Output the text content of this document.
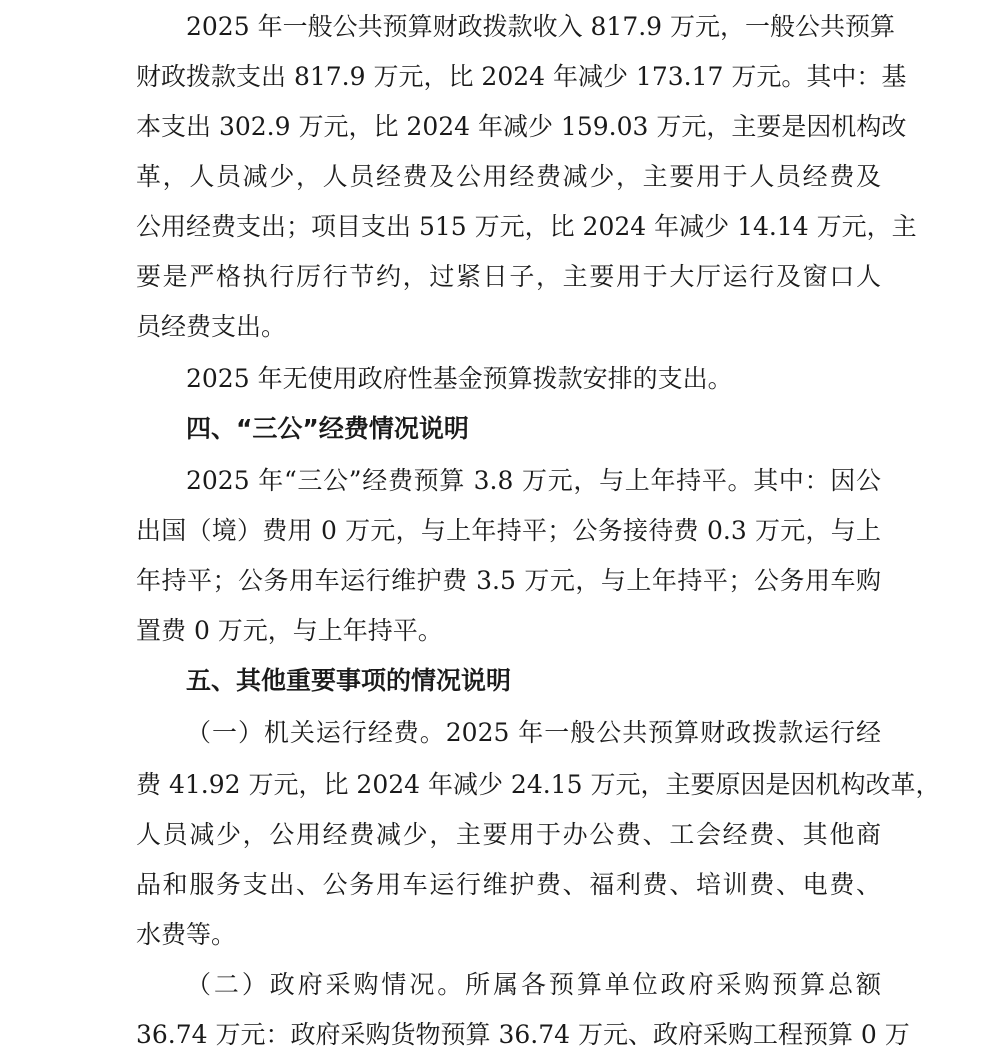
2025 年一般公共预算财政拨款收入 817.9 万元，一般公共预算
财政拨款支出 817.9 万元，比 2024 年减少 173.17 万元。其中：基
本支出 302.9 万元，比 2024 年减少 159.03 万元，主要是因机构改
革，人员减少，人员经费及公用经费减少，主要用于人员经费及
公用经费支出；项目支出 515 万元，比 2024 年减少 14.14 万元，主
要是严格执行厉行节约，过紧日子，主要用于大厅运行及窗口人
员经费支出。
2025 年无使用政府性基金预算拨款安排的支出。
四、“三公”经费情况说明
2025 年“三公”经费预算 3.8 万元，与上年持平。其中：因公
出国（境）费用 0 万元，与上年持平；公务接待费 0.3 万元，与上
年持平；公务用车运行维护费 3.5 万元，与上年持平；公务用车购
置费 0 万元，与上年持平。
五、其他重要事项的情况说明
（一）机关运行经费。2025 年一般公共预算财政拨款运行经
费 41.92 万元，比 2024 年减少 24.15 万元，主要原因是因机构改革，
人员减少，公用经费减少，主要用于办公费、工会经费、其他商
品和服务支出、公务用车运行维护费、福利费、培训费、电费、
水费等。
（二）政府采购情况。所属各预算单位政府采购预算总额
36.74 万元：政府采购货物预算 36.74 万元、政府采购工程预算 0 万
